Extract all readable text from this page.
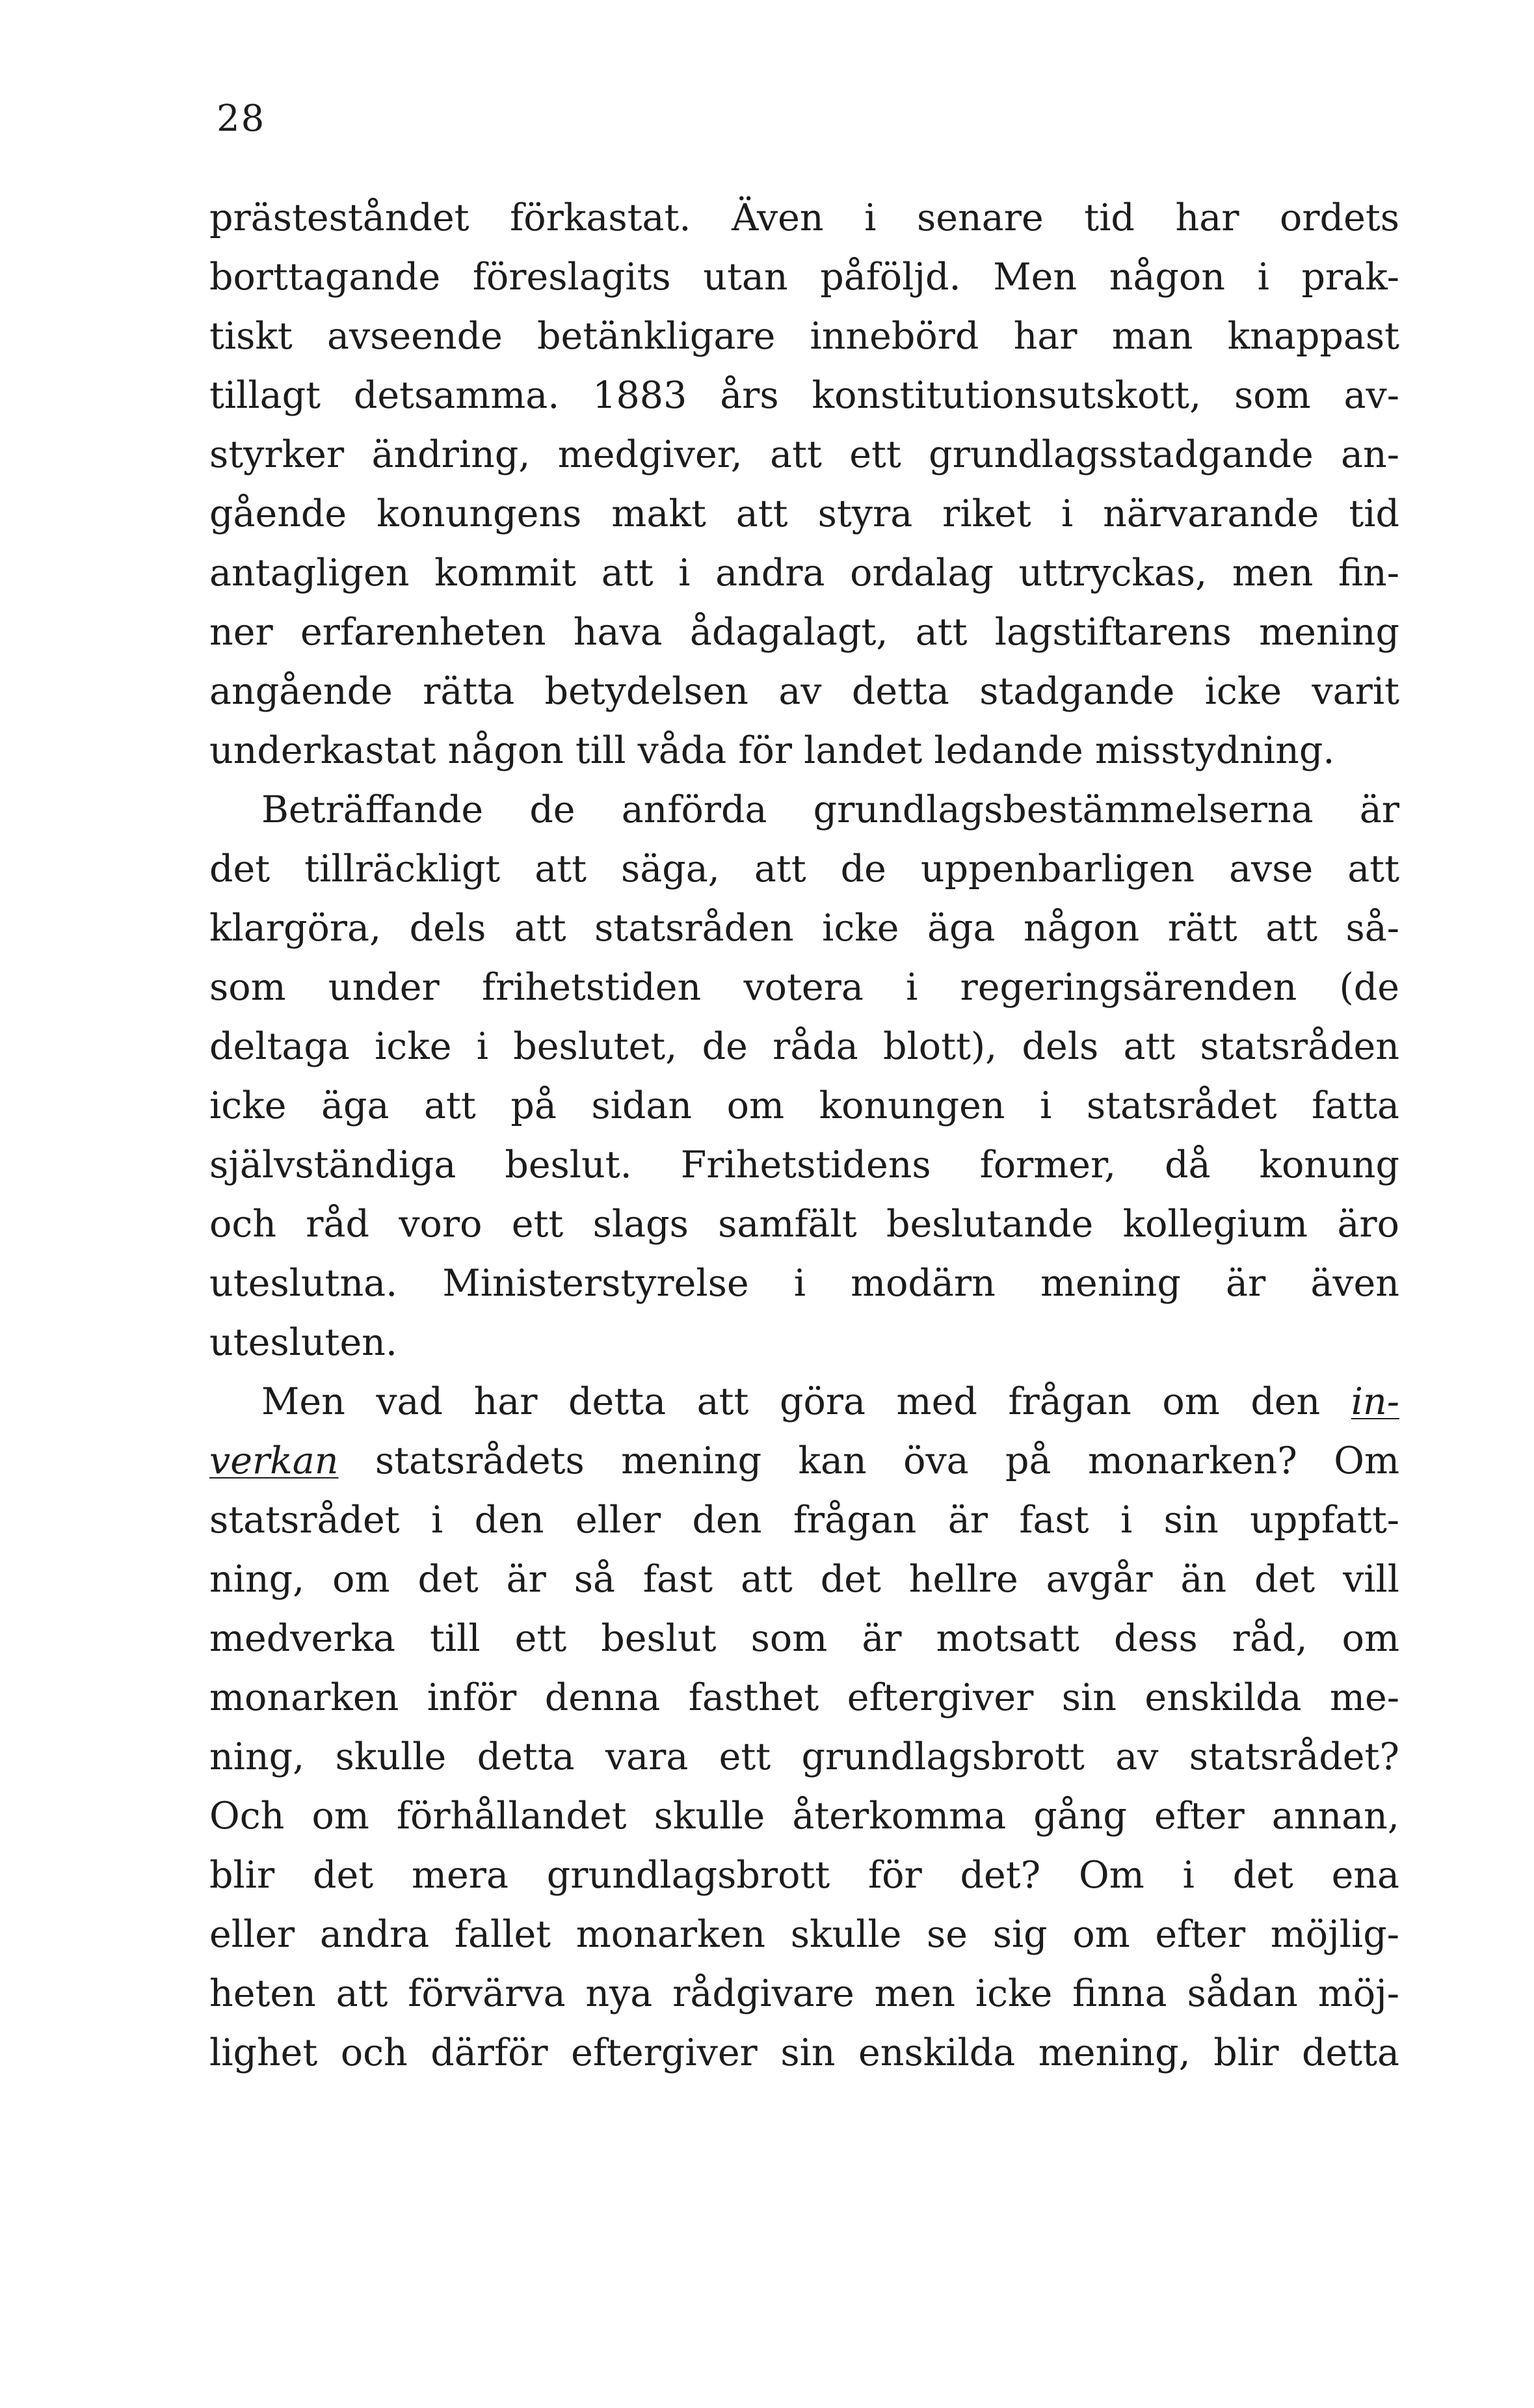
28
prästeståndet förkastat. Även i senare tid har ordets
borttagande föreslagits utan påföljd. Men någon i prak-
tiskt avseende betänkligare innebörd har man knappast
tillagt detsamma. 1883 års konstitutionsutskott, som av-
styrker ändring, medgiver, att ett grundlagsstadgande an-
gående konungens makt att styra riket i närvarande tid
antagligen kommit att i andra ordalag uttryckas, men fin-
ner erfarenheten hava ådagalagt, att lagstiftarens mening
angående rätta betydelsen av detta stadgande icke varit
underkastat någon till våda för landet ledande misstydning.
Beträffande de anförda grundlagsbestämmelserna är
det tillräckligt att säga, att de uppenbarligen avse att
klargöra, dels att statsråden icke äga någon rätt att så-
som under frihetstiden votera i regeringsärenden (de
deltaga icke i beslutet, de råda blott), dels att statsråden
icke äga att på sidan om konungen i statsrådet fatta
självständiga beslut. Frihetstidens former, då konung
och råd voro ett slags samfält beslutande kollegium äro
uteslutna. Ministerstyrelse i modärn mening är även
utesluten.
Men vad har detta att göra med frågan om den in-
verkan statsrådets mening kan öva på monarken? Om
statsrådet i den eller den frågan är fast i sin uppfatt-
ning, om det är så fast att det hellre avgår än det vill
medverka till ett beslut som är motsatt dess råd, om
monarken inför denna fasthet eftergiver sin enskilda me-
ning, skulle detta vara ett grundlagsbrott av statsrådet?
Och om förhållandet skulle återkomma gång efter annan,
blir det mera grundlagsbrott för det? Om i det ena
eller andra fallet monarken skulle se sig om efter möjlig-
heten att förvärva nya rådgivare men icke finna sådan möj-
lighet och därför eftergiver sin enskilda mening, blir detta
